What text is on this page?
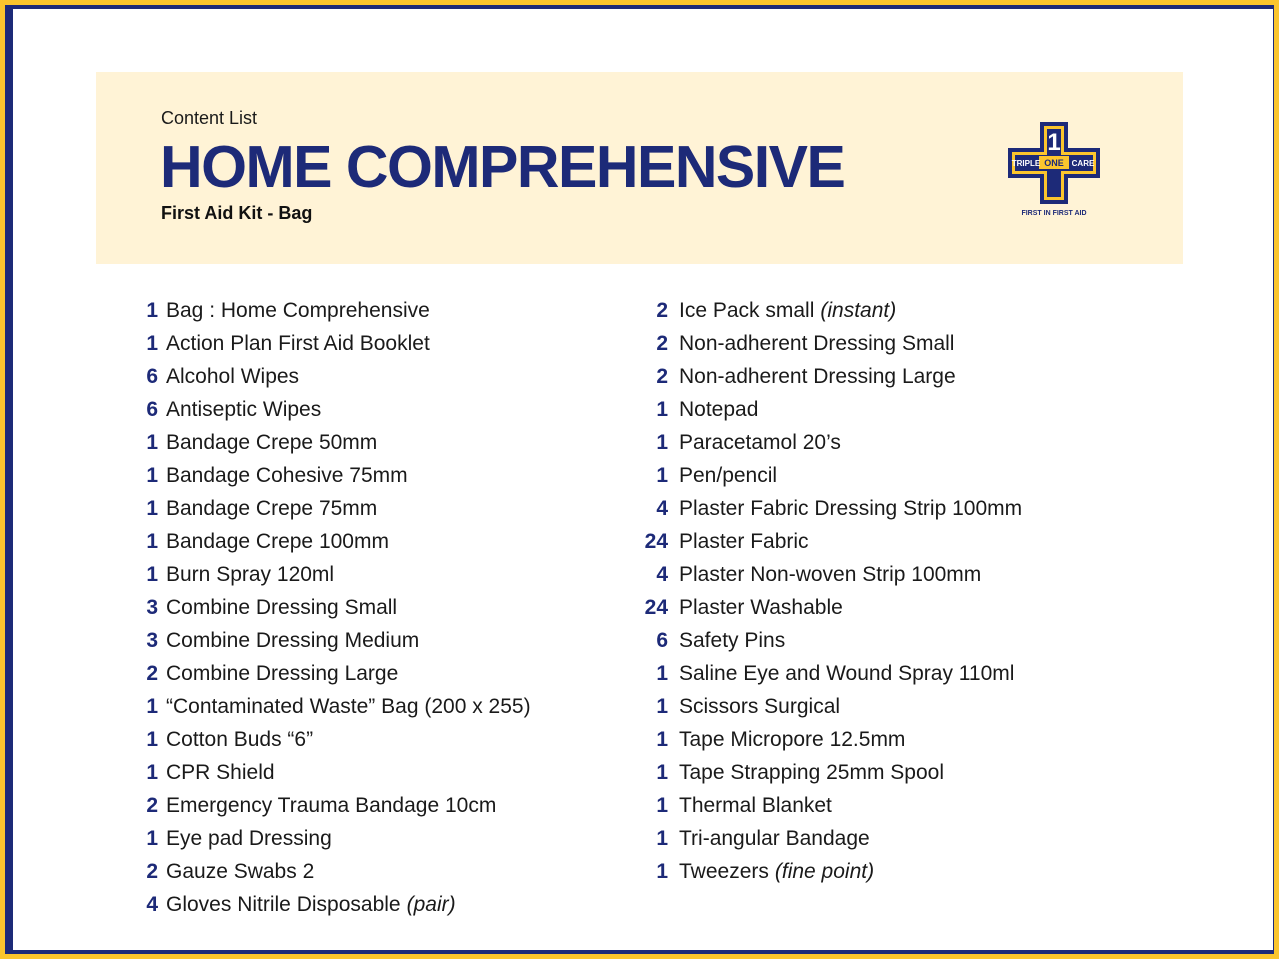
Content List
HOME COMPREHENSIVE
First Aid Kit - Bag
1
TRIPLE ONE CARE
FIRST IN FIRST AID
1 Bag : Home Comprehensive
1 Action Plan First Aid Booklet
6 Alcohol Wipes
6 Antiseptic Wipes
1 Bandage Crepe 50mm
1 Bandage Cohesive 75mm
1 Bandage Crepe 75mm
1 Bandage Crepe 100mm
1 Burn Spray 120ml
3 Combine Dressing Small
3 Combine Dressing Medium
2 Combine Dressing Large
1 “Contaminated Waste” Bag (200 x 255)
1 Cotton Buds “6”
1 CPR Shield
2 Emergency Trauma Bandage 10cm
1 Eye pad Dressing
2 Gauze Swabs 2
4 Gloves Nitrile Disposable (pair)
2 Ice Pack small (instant)
2 Non-adherent Dressing Small
2 Non-adherent Dressing Large
1 Notepad
1 Paracetamol 20’s
1 Pen/pencil
4 Plaster Fabric Dressing Strip 100mm
24 Plaster Fabric
4 Plaster Non-woven Strip 100mm
24 Plaster Washable
6 Safety Pins
1 Saline Eye and Wound Spray 110ml
1 Scissors Surgical
1 Tape Micropore 12.5mm
1 Tape Strapping 25mm Spool
1 Thermal Blanket
1 Tri-angular Bandage
1 Tweezers (fine point)
